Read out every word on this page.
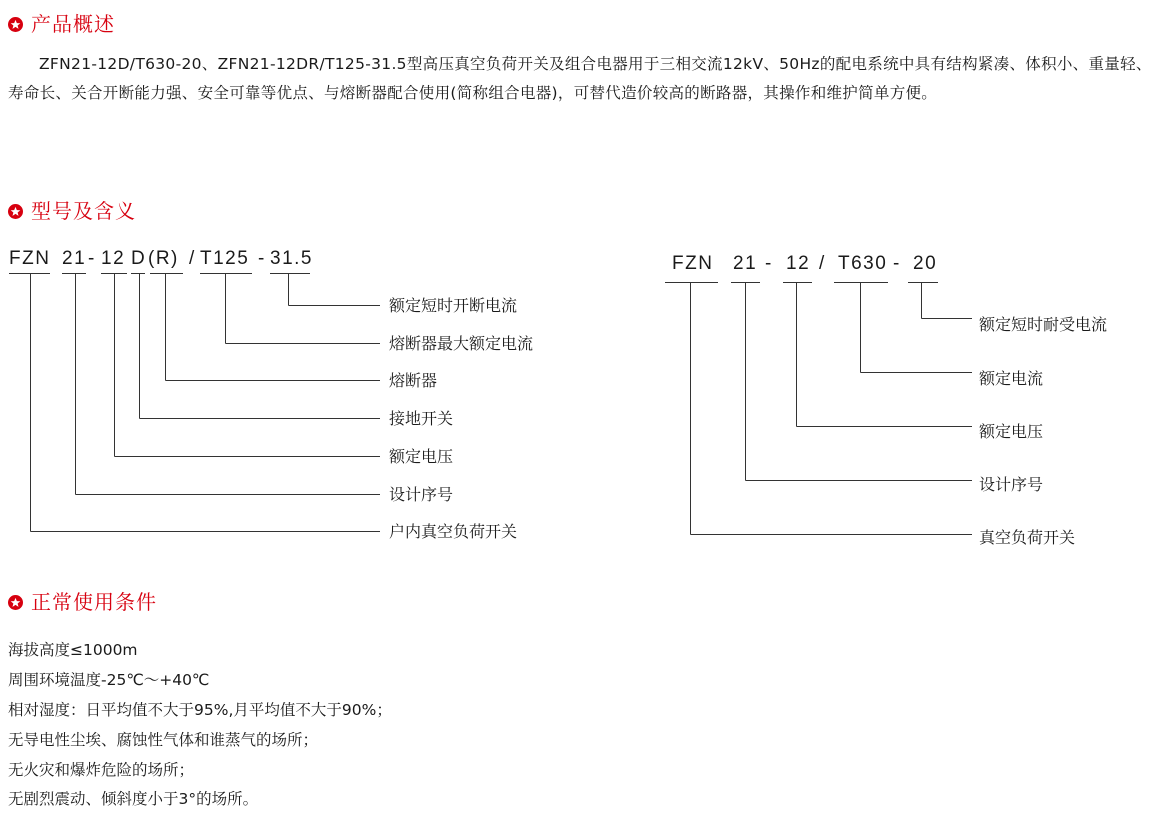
产品概述

ZFN21-12D/T630-20、ZFN21-12DR/T125-31.5型高压真空负荷开关及组合电器用于三相交流12kV、50Hz的配电系统中具有结构紧凑、体积小、重量轻、寿命长、关合开断能力强、安全可靠等优点、与熔断器配合使用(简称组合电器)，可替代造价较高的断路器，其操作和维护简单方便。

型号及含义
FZN 21 - 12 D (R) / T125 - 31.5	FZN 21 - 12 / T630 - 20
额定短时开断电流
熔断器最大额定电流
熔断器
接地开关
额定电压
设计序号
户内真空负荷开关
额定短时耐受电流
额定电流
额定电压
设计序号
真空负荷开关
正常使用条件
海拔高度≤1000m
周围环境温度-25℃～+40℃
相对湿度：日平均值不大于95%,月平均值不大于90%；
无导电性尘埃、腐蚀性气体和谁蒸气的场所；
无火灾和爆炸危险的场所；
无剧烈震动、倾斜度小于3°的场所。
